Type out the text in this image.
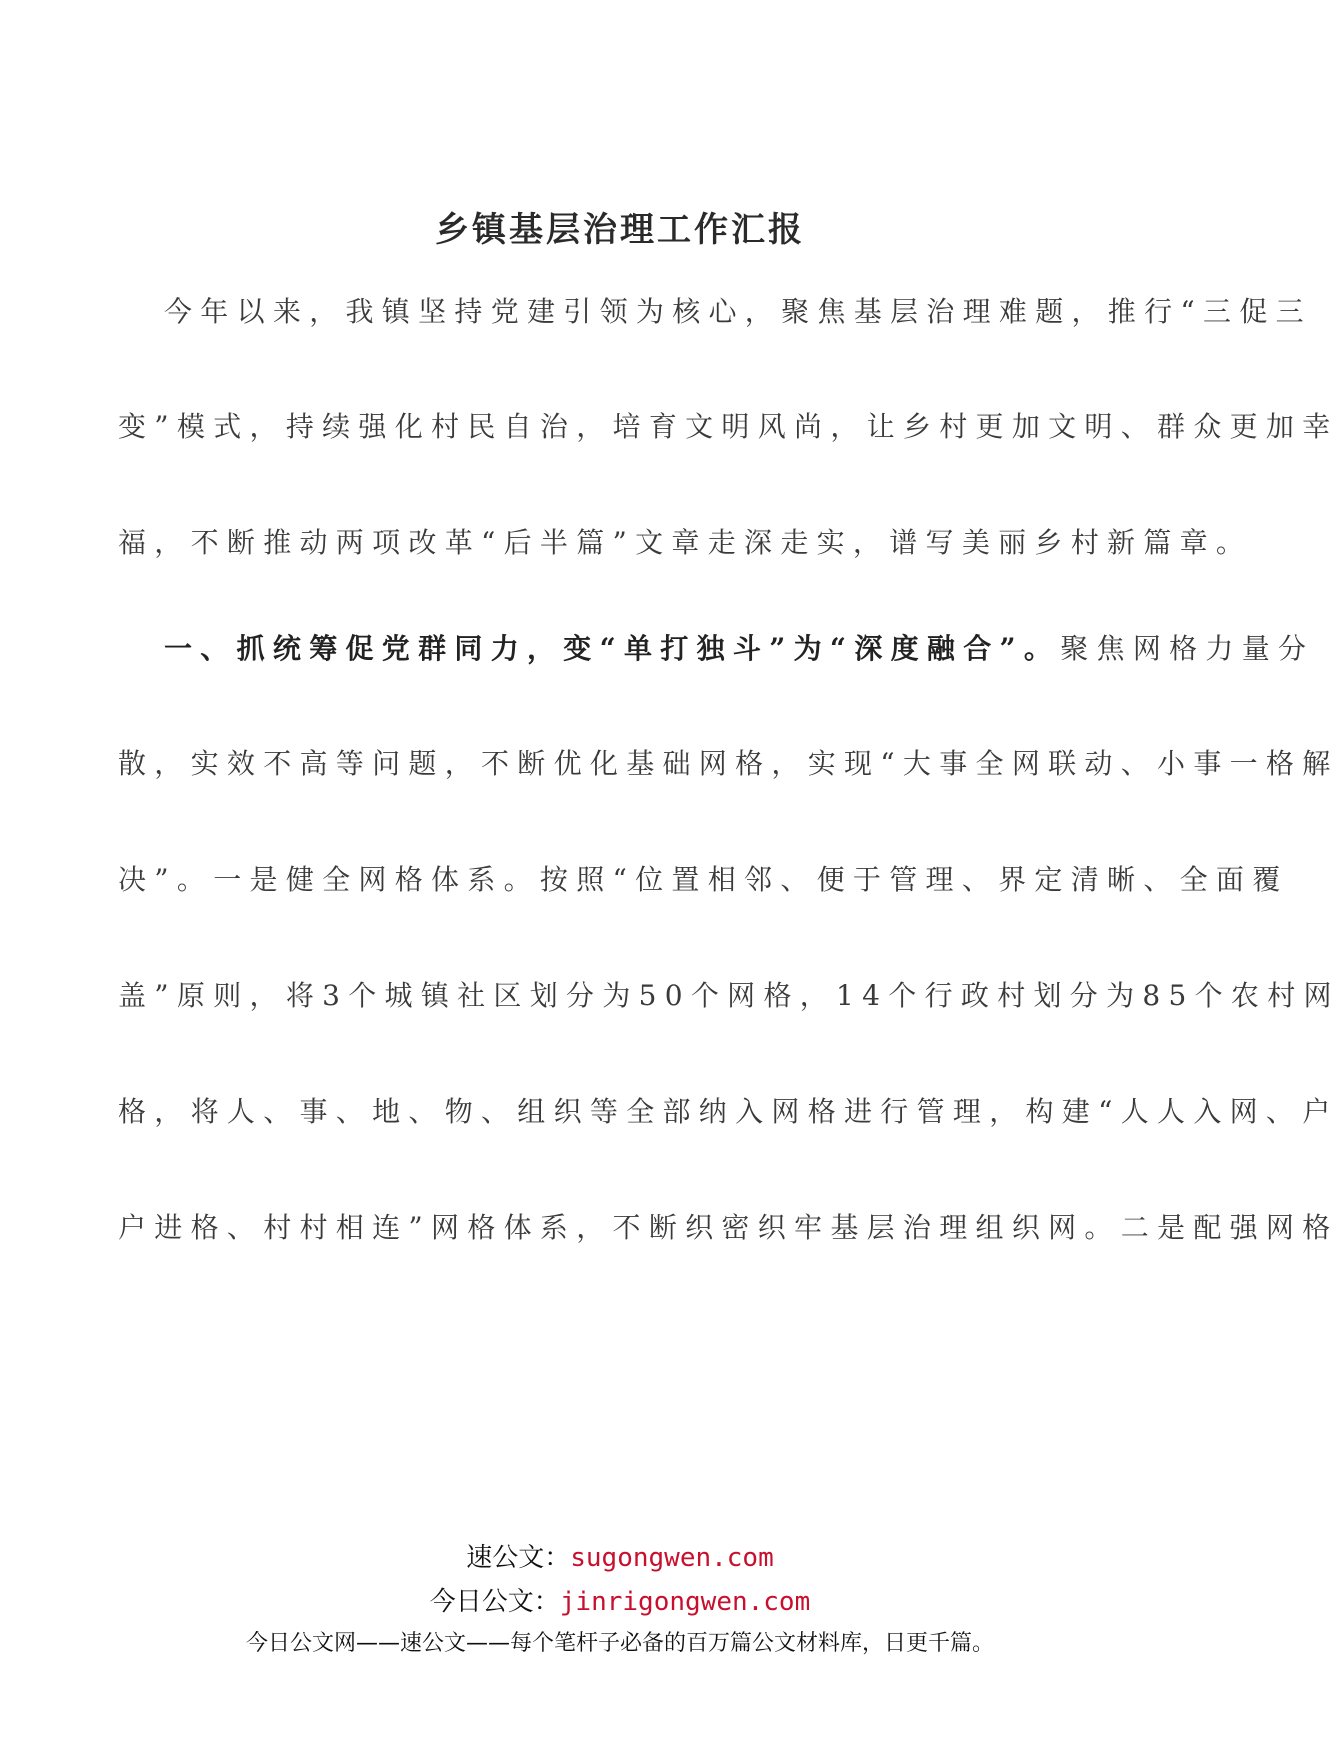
乡镇基层治理工作汇报
今年以来，我镇坚持党建引领为核心，聚焦基层治理难题，推行“三促三
变”模式，持续强化村民自治，培育文明风尚，让乡村更加文明、群众更加幸
福，不断推动两项改革“后半篇”文章走深走实，谱写美丽乡村新篇章。
一、抓统筹促党群同力，变“单打独斗”为“深度融合”。聚焦网格力量分
散，实效不高等问题，不断优化基础网格，实现“大事全网联动、小事一格解
决”。一是健全网格体系。按照“位置相邻、便于管理、界定清晰、全面覆
盖”原则，将3个城镇社区划分为50个网格，14个行政村划分为85个农村网
格，将人、事、地、物、组织等全部纳入网格进行管理，构建“人人入网、户
户进格、村村相连”网格体系，不断织密织牢基层治理组织网。二是配强网格
速公文：sugongwen.com
今日公文：jinrigongwen.com
今日公文网——速公文——每个笔杆子必备的百万篇公文材料库，日更千篇。
